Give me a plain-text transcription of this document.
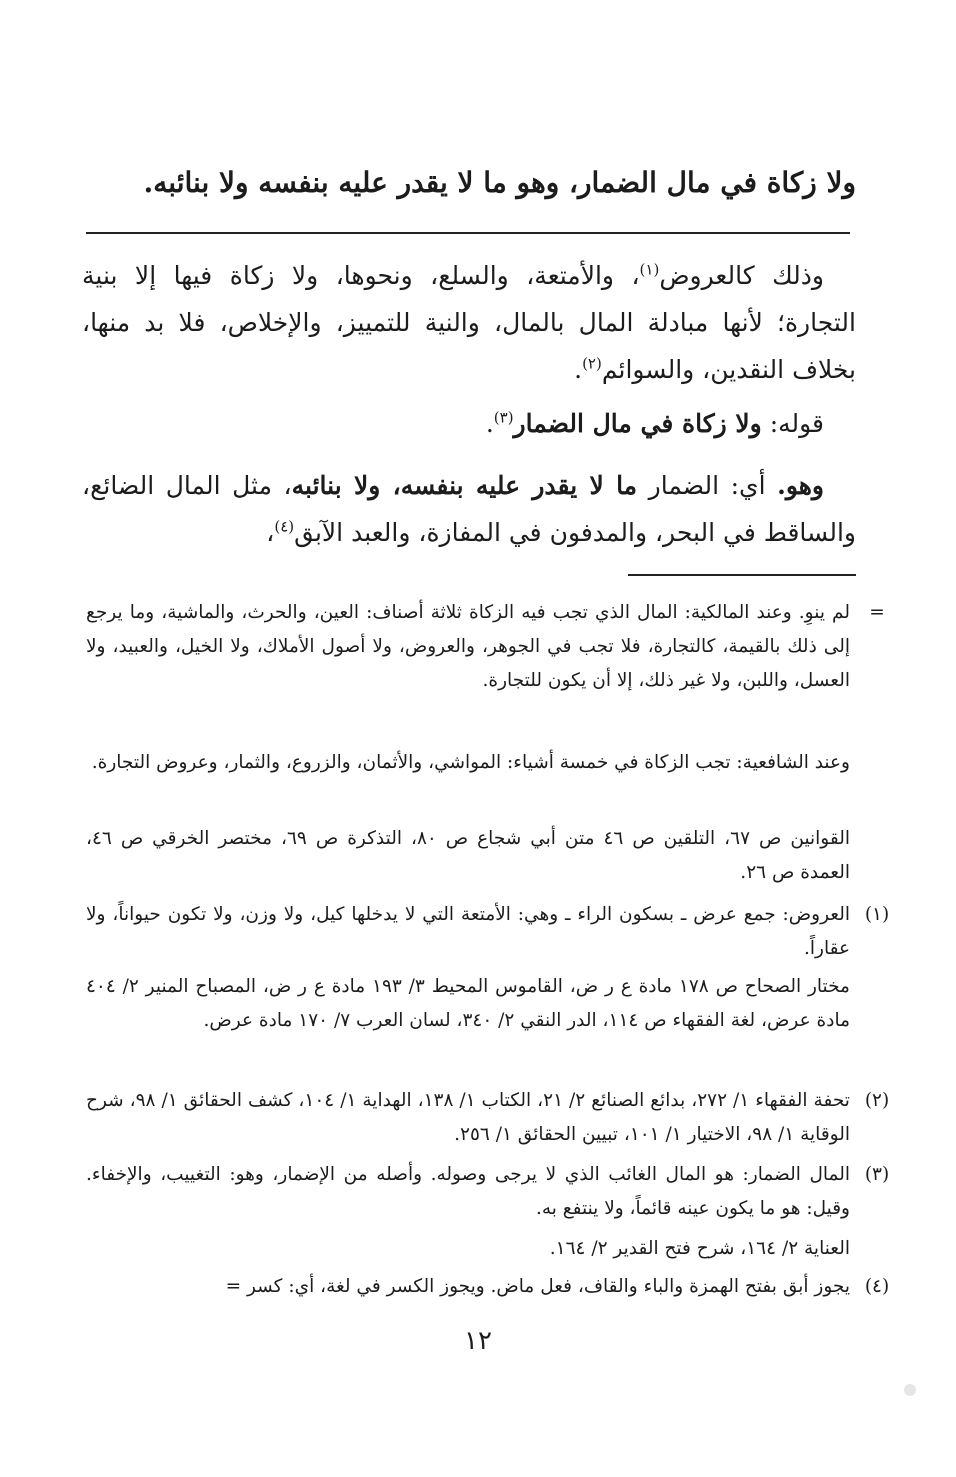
ولا زكاة في مال الضمار، وهو ما لا يقدر عليه بنفسه ولا بنائبه.

وذلك كالعروض$^{(١)}$، والأمتعة، والسلع، ونحوها، ولا زكاة فيها إلا بنية التجارة؛ لأنها مبادلة المال بالمال، والنية للتمييز، والإخلاص، فلا بد منها، بخلاف النقدين، والسوائم$^{(٢)}$.

قوله: ولا زكاة في مال الضمار$^{(٣)}$.

وهو. أي: الضمار ما لا يقدر عليه بنفسه، ولا بنائبه، مثل المال الضائع، والساقط في البحر، والمدفون في المفازة، والعبد الآبق$^{(٤)}$،

=

لم ينوِ. وعند المالكية: المال الذي تجب فيه الزكاة ثلاثة أصناف: العين، والحرث، والماشية، وما يرجع إلى ذلك بالقيمة، كالتجارة، فلا تجب في الجوهر، والعروض، ولا أصول الأملاك، ولا الخيل، والعبيد، ولا العسل، واللبن، ولا غير ذلك، إلا أن يكون للتجارة.

وعند الشافعية: تجب الزكاة في خمسة أشياء: المواشي، والأثمان، والزروع، والثمار، وعروض التجارة.

القوانين ص ٦٧، التلقين ص ٤٦ متن أبي شجاع ص ٨٠، التذكرة ص ٦٩، مختصر الخرقي ص ٤٦، العمدة ص ٢٦.

(١)

العروض: جمع عرض ـ بسكون الراء ـ وهي: الأمتعة التي لا يدخلها كيل، ولا وزن، ولا تكون حيواناً، ولا عقاراً.

مختار الصحاح ص ١٧٨ مادة ع ر ض، القاموس المحيط ٣/ ١٩٣ مادة ع ر ض، المصباح المنير ٢/ ٤٠٤ مادة عرض، لغة الفقهاء ص ١١٤، الدر النقي ٢/ ٣٤٠، لسان العرب ٧/ ١٧٠ مادة عرض.

(٢)

تحفة الفقهاء ١/ ٢٧٢، بدائع الصنائع ٢/ ٢١، الكتاب ١/ ١٣٨، الهداية ١/ ١٠٤، كشف الحقائق ١/ ٩٨، شرح الوقاية ١/ ٩٨، الاختيار ١/ ١٠١، تبيين الحقائق ١/ ٢٥٦.

(٣)

المال الضمار: هو المال الغائب الذي لا يرجى وصوله. وأصله من الإضمار، وهو: التغييب، والإخفاء. وقيل: هو ما يكون عينه قائماً، ولا ينتفع به.

العناية ٢/ ١٦٤، شرح فتح القدير ٢/ ١٦٤.

(٤)

يجوز أبق بفتح الهمزة والباء والقاف، فعل ماض. ويجوز الكسر في لغة، أي: كسر =

١٢
